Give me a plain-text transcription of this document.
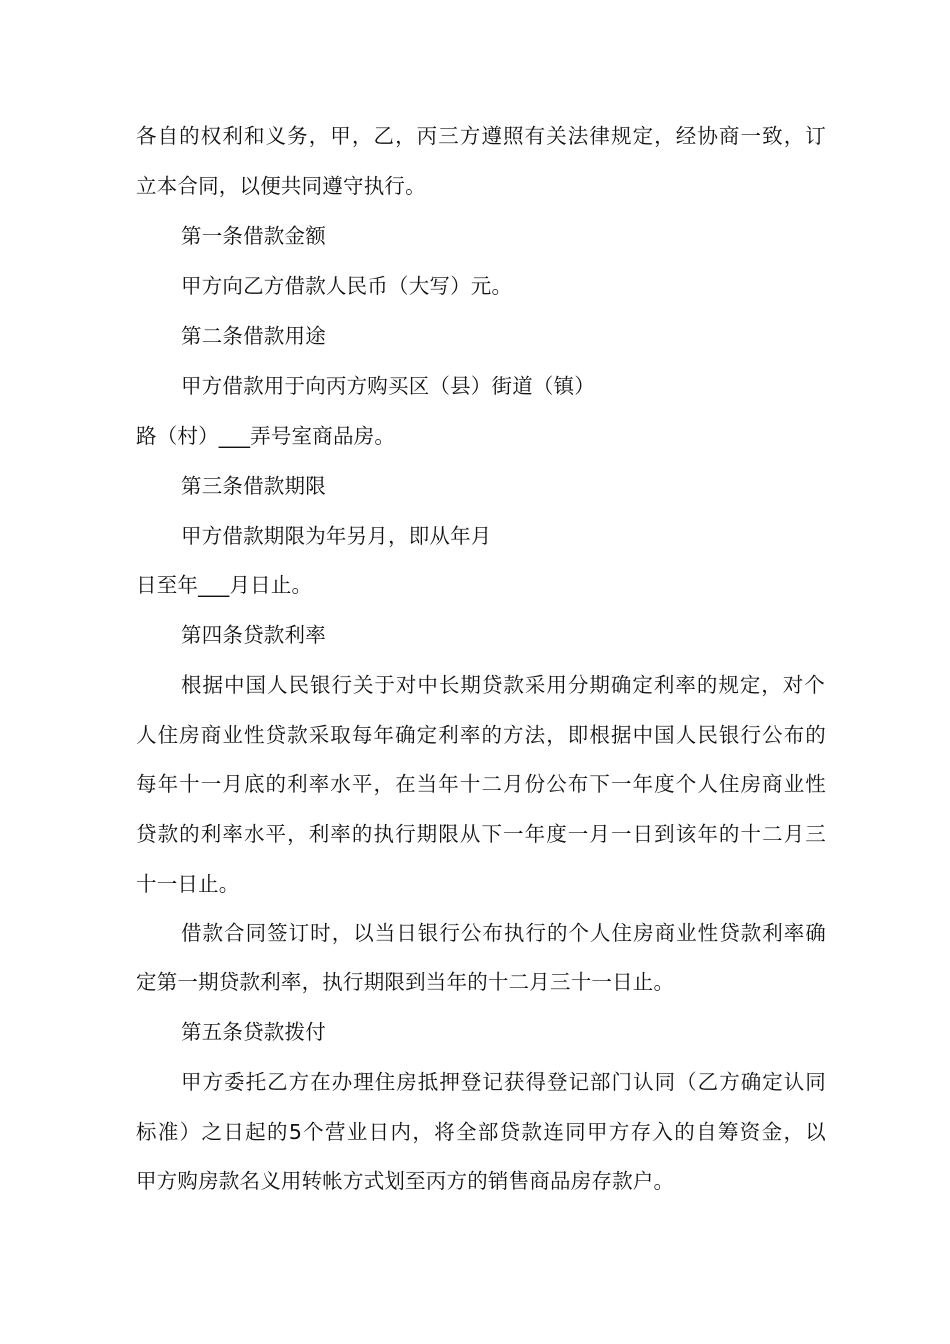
各自的权利和义务，甲，乙，丙三方遵照有关法律规定，经协商一致，订
立本合同，以便共同遵守执行。
第一条借款金额
甲方向乙方借款人民币（大写）元。
第二条借款用途
甲方借款用于向丙方购买区（县）街道（镇）
路（村）___弄号室商品房。
第三条借款期限
甲方借款期限为年另月，即从年月
日至年___月日止。
第四条贷款利率
根据中国人民银行关于对中长期贷款采用分期确定利率的规定，对个
人住房商业性贷款采取每年确定利率的方法，即根据中国人民银行公布的
每年十一月底的利率水平，在当年十二月份公布下一年度个人住房商业性
贷款的利率水平，利率的执行期限从下一年度一月一日到该年的十二月三
十一日止。
借款合同签订时，以当日银行公布执行的个人住房商业性贷款利率确
定第一期贷款利率，执行期限到当年的十二月三十一日止。
第五条贷款拨付
甲方委托乙方在办理住房抵押登记获得登记部门认同（乙方确定认同
标准）之日起的5个营业日内，将全部贷款连同甲方存入的自筹资金，以
甲方购房款名义用转帐方式划至丙方的销售商品房存款户。
